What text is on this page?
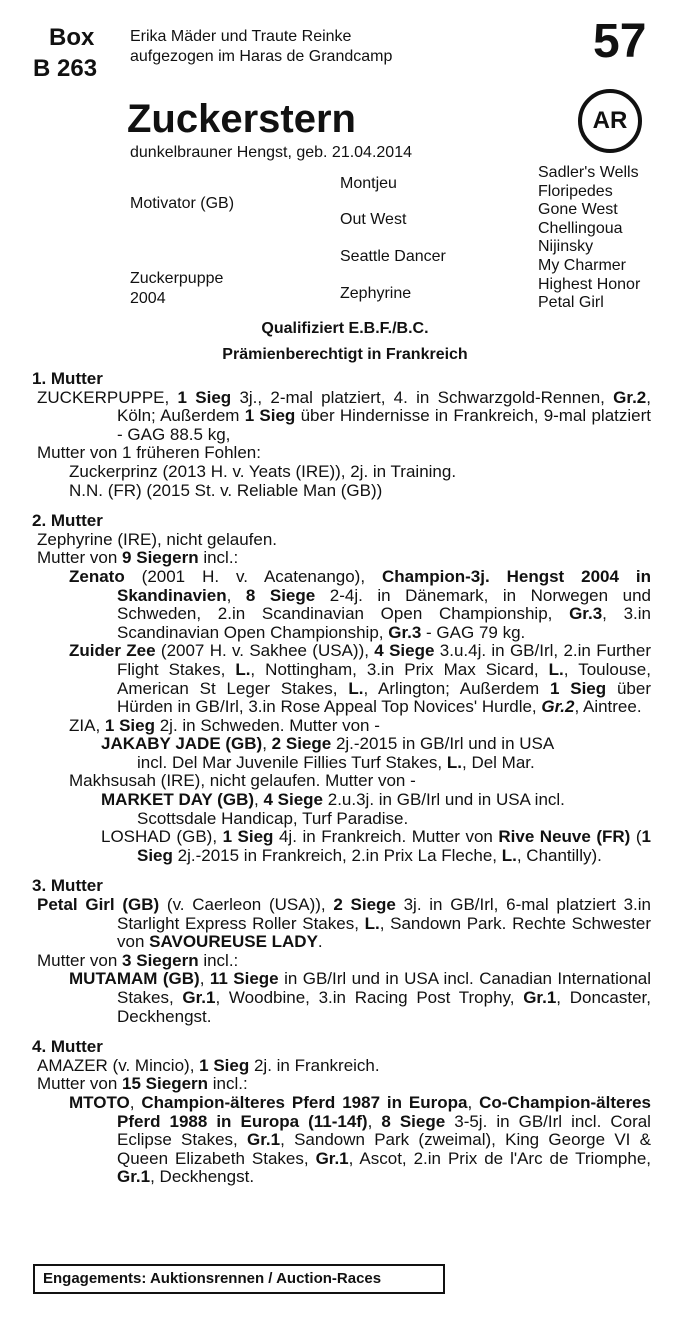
Box
B 263
Erika Mäder und Traute Reinke
aufgezogen im Haras de Grandcamp	57
AR
Zuckerstern
dunkelbrauner Hengst, geb. 21.04.2014
Motivator (GB)
Zuckerpuppe
2004
Montjeu
Out West
Seattle Dancer
Zephyrine
Sadler's Wells
Floripedes
Gone West
Chellingoua
Nijinsky
My Charmer
Highest Honor
Petal Girl
Qualifiziert E.B.F./B.C.
Prämienberechtigt in Frankreich

1. Mutter

ZUCKERPUPPE, 1 Sieg 3j., 2-mal platziert, 4. in Schwarzgold-Rennen, Gr.2, Köln; Außerdem 1 Sieg über Hindernisse in Frankreich, 9-mal platziert - GAG 88.5 kg,

Mutter von 1 früheren Fohlen:

Zuckerprinz (2013 H. v. Yeats (IRE)), 2j. in Training.

N.N. (FR) (2015 St. v. Reliable Man (GB))

2. Mutter

Zephyrine (IRE), nicht gelaufen.

Mutter von 9 Siegern incl.:

Zenato (2001 H. v. Acatenango), Champion-3j. Hengst 2004 in Skandinavien, 8 Siege 2-4j. in Dänemark, in Norwegen und Schweden, 2.in Scandinavian Open Championship, Gr.3, 3.in Scandinavian Open Championship, Gr.3 - GAG 79 kg.

Zuider Zee (2007 H. v. Sakhee (USA)), 4 Siege 3.u.4j. in GB/Irl, 2.in Further Flight Stakes, L., Nottingham, 3.in Prix Max Sicard, L., Toulouse, American St Leger Stakes, L., Arlington; Außerdem 1 Sieg über Hürden in GB/Irl, 3.in Rose Appeal Top Novices' Hurdle, Gr.2, Aintree.

ZIA, 1 Sieg 2j. in Schweden. Mutter von -

JAKABY JADE (GB), 2 Siege 2j.-2015 in GB/Irl und in USA

incl. Del Mar Juvenile Fillies Turf Stakes, L., Del Mar.

Makhsusah (IRE), nicht gelaufen. Mutter von -

MARKET DAY (GB), 4 Siege 2.u.3j. in GB/Irl und in USA incl.

Scottsdale Handicap, Turf Paradise.

LOSHAD (GB), 1 Sieg 4j. in Frankreich. Mutter von Rive Neuve (FR) (1 Sieg 2j.-2015 in Frankreich, 2.in Prix La Fleche, L., Chantilly).

3. Mutter

Petal Girl (GB) (v. Caerleon (USA)), 2 Siege 3j. in GB/Irl, 6-mal platziert 3.in Starlight Express Roller Stakes, L., Sandown Park. Rechte Schwester von SAVOUREUSE LADY.

Mutter von 3 Siegern incl.:

MUTAMAM (GB), 11 Siege in GB/Irl und in USA incl. Canadian International Stakes, Gr.1, Woodbine, 3.in Racing Post Trophy, Gr.1, Doncaster, Deckhengst.

4. Mutter

AMAZER (v. Mincio), 1 Sieg 2j. in Frankreich.

Mutter von 15 Siegern incl.:

MTOTO, Champion-älteres Pferd 1987 in Europa, Co-Champion-älteres Pferd 1988 in Europa (11-14f), 8 Siege 3-5j. in GB/Irl incl. Coral Eclipse Stakes, Gr.1, Sandown Park (zweimal), King George VI & Queen Elizabeth Stakes, Gr.1, Ascot, 2.in Prix de l'Arc de Triomphe, Gr.1, Deckhengst.

Engagements: Auktionsrennen / Auction-Races
